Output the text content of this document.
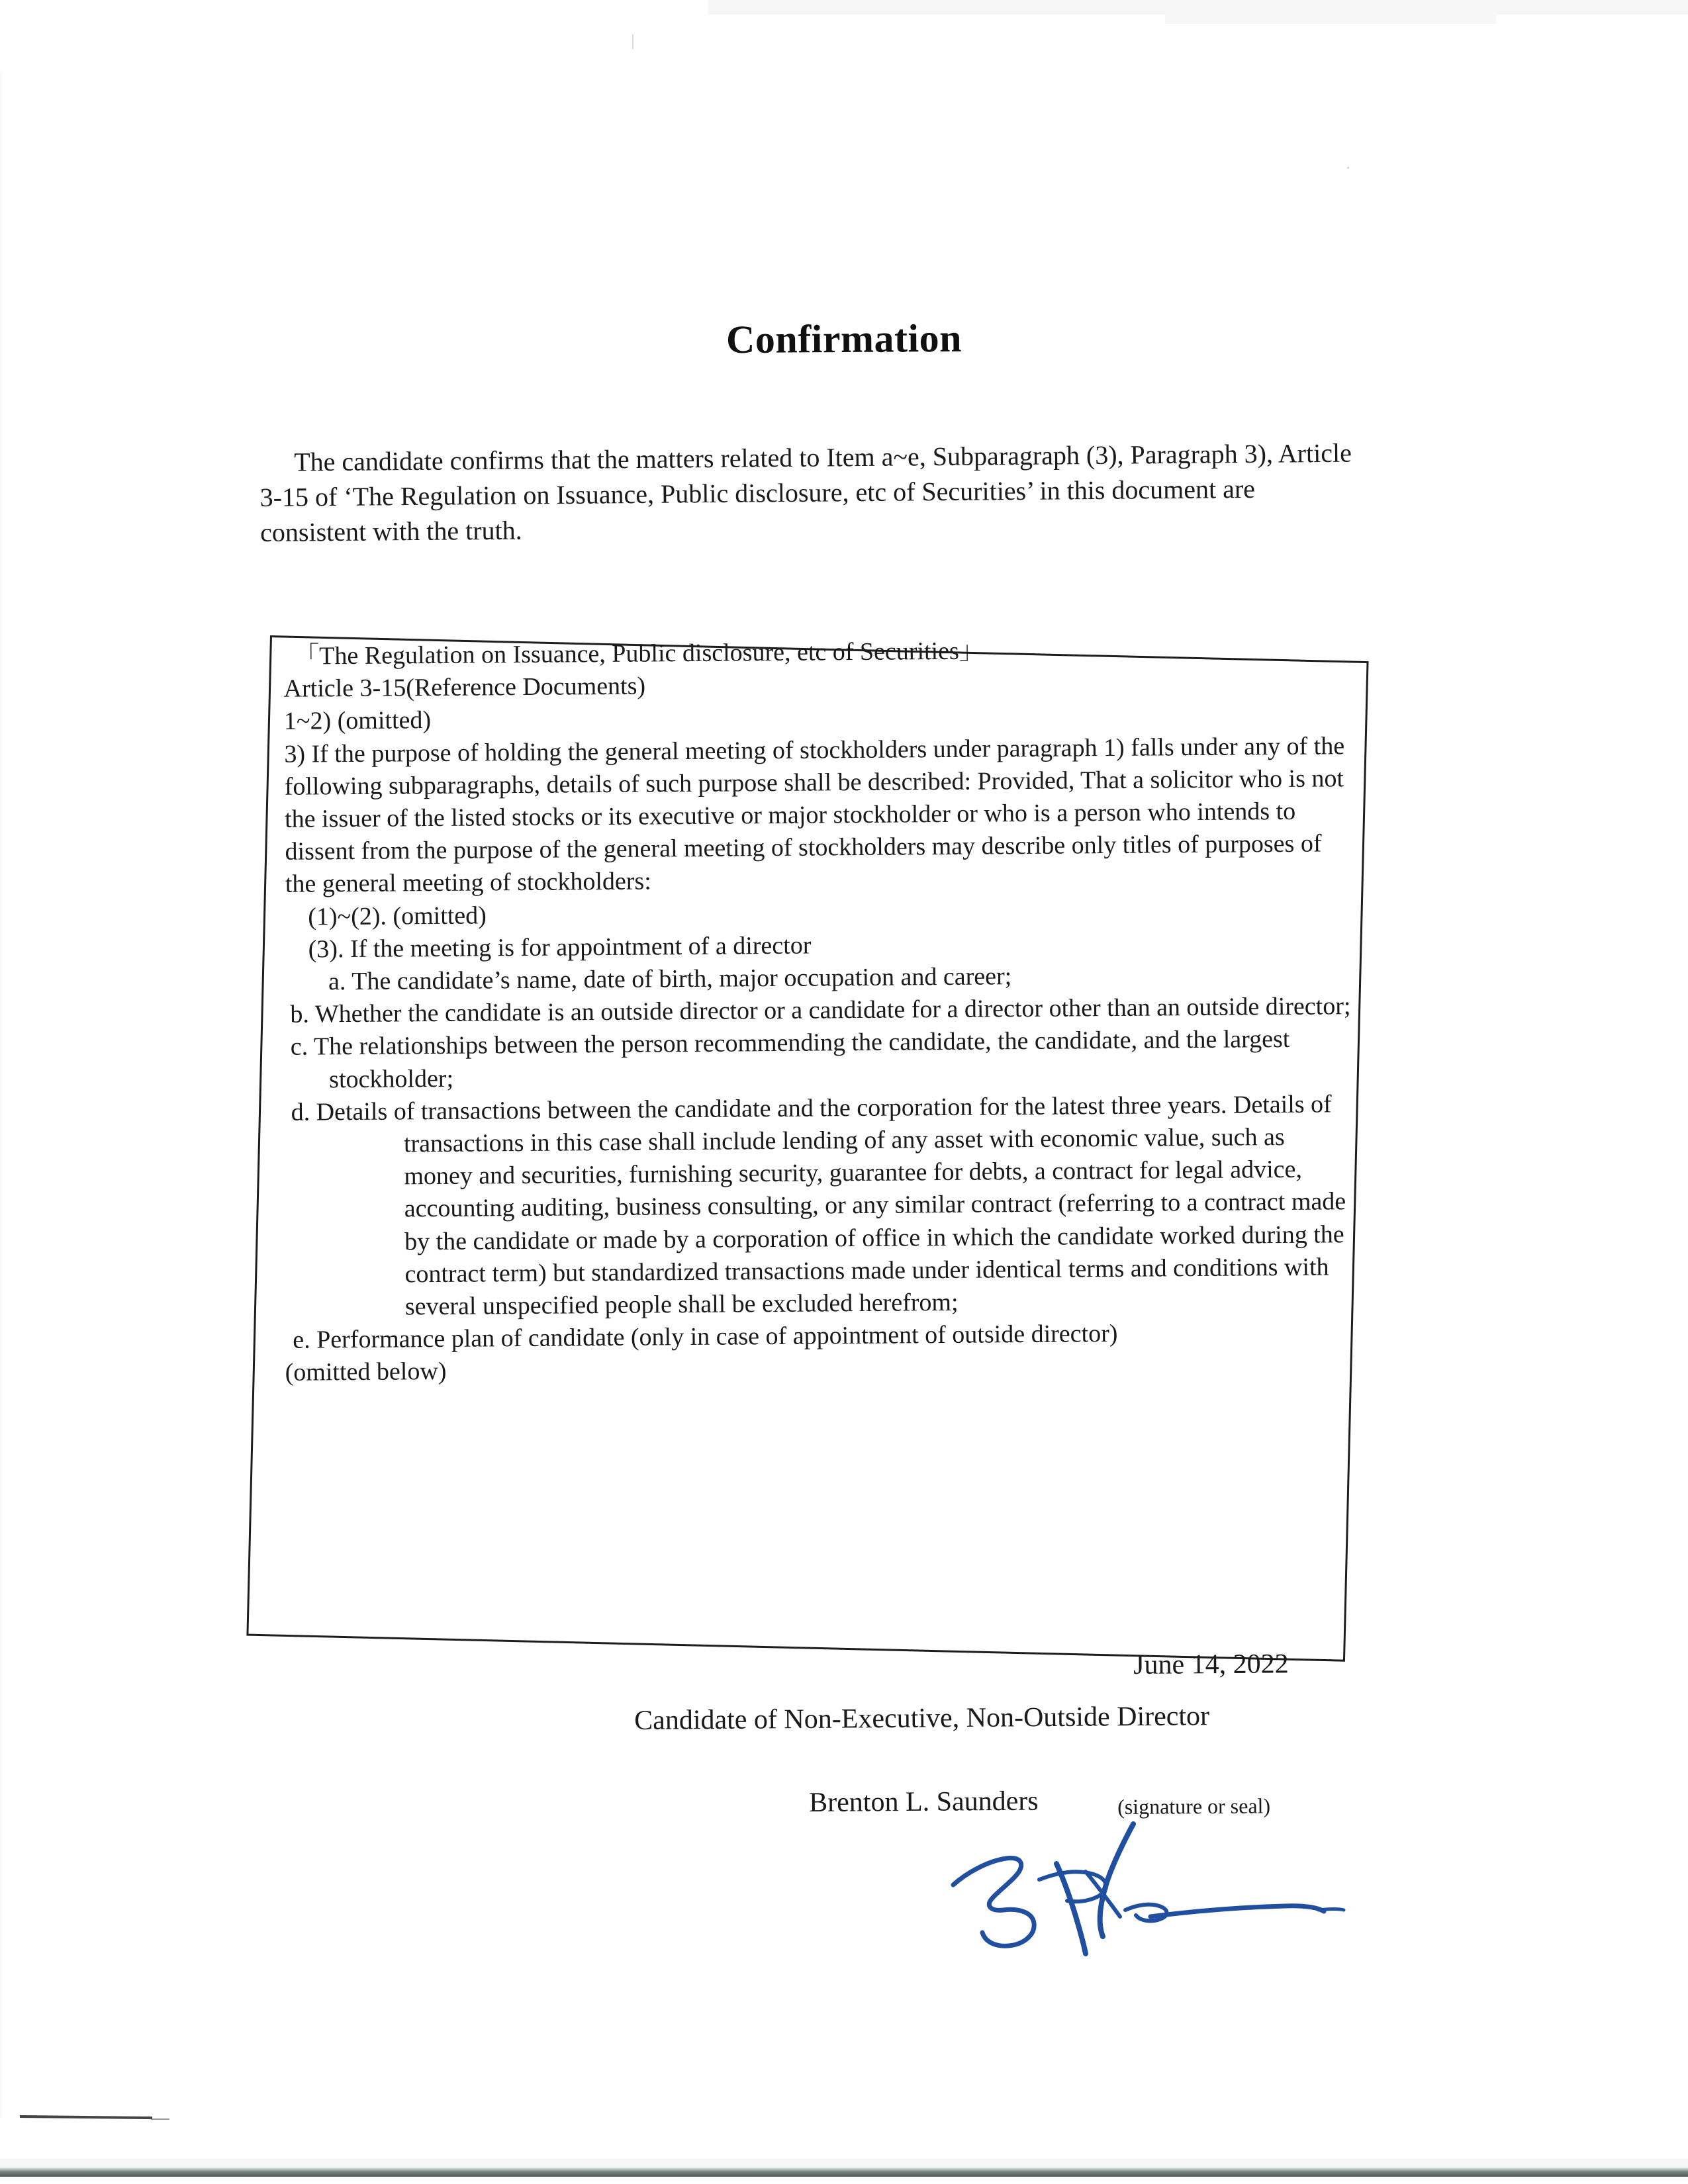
Confirmation
The candidate confirms that the matters related to Item a~e, Subparagraph (3), Paragraph 3), Article 3-15 of ‘The Regulation on Issuance, Public disclosure, etc of Securities’ in this document are consistent with the truth.

「The Regulation on Issuance, Public disclosure, etc of Securities」

Article 3-15(Reference Documents)

1~2) (omitted)

3) If the purpose of holding the general meeting of stockholders under paragraph 1) falls under any of the following subparagraphs, details of such purpose shall be described: Provided, That a solicitor who is not the issuer of the listed stocks or its executive or major stockholder or who is a person who intends to dissent from the purpose of the general meeting of stockholders may describe only titles of purposes of the general meeting of stockholders:

(1)~(2). (omitted)

(3). If the meeting is for appointment of a director

a. The candidate’s name, date of birth, major occupation and career;

b. Whether the candidate is an outside director or a candidate for a director other than an outside director;

c. The relationships between the person recommending the candidate, the candidate, and the largest stockholder;

d. Details of transactions between the candidate and the corporation for the latest three years. Details of transactions in this case shall include lending of any asset with economic value, such as money and securities, furnishing security, guarantee for debts, a contract for legal advice, accounting auditing, business consulting, or any similar contract (referring to a contract made by the candidate or made by a corporation of office in which the candidate worked during the contract term) but standardized transactions made under identical terms and conditions with several unspecified people shall be excluded herefrom;

e. Performance plan of candidate (only in case of appointment of outside director)

(omitted below)

June 14, 2022
Candidate of Non-Executive, Non-Outside Director
Brenton L. Saunders	(signature or seal)
